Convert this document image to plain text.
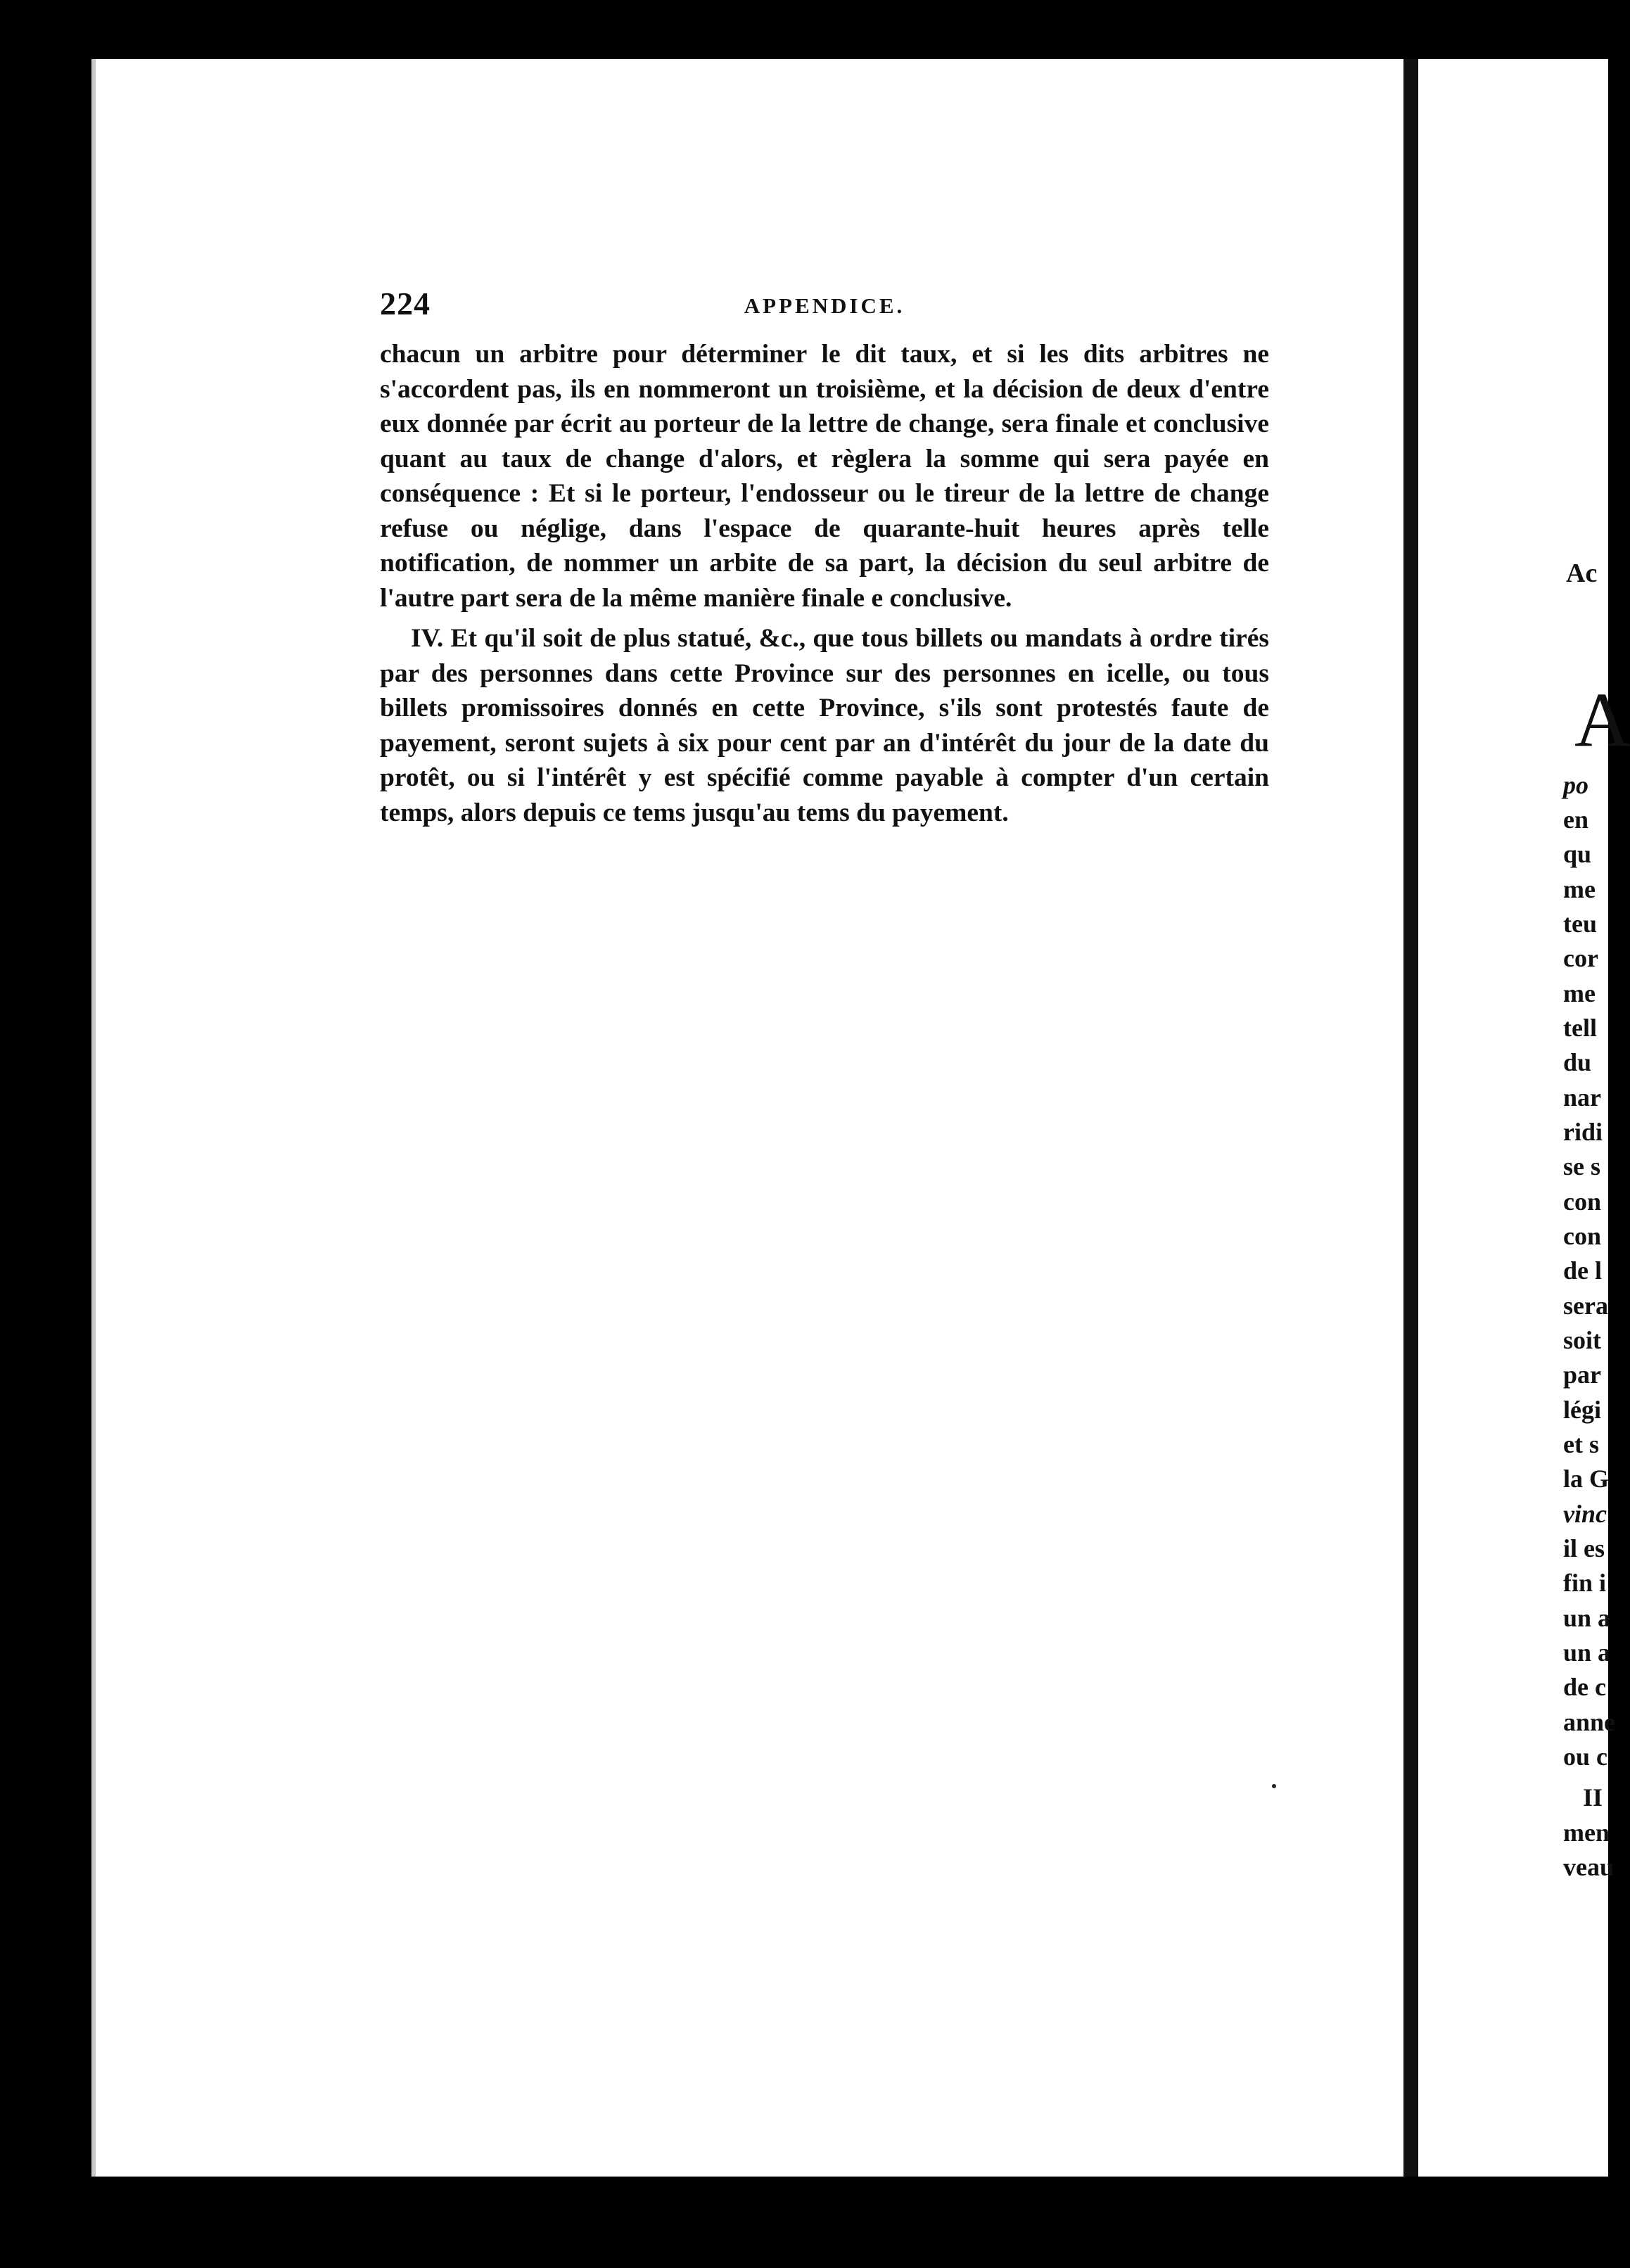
224	APPENDICE.

chacun un arbitre pour déterminer le dit taux, et si les dits arbitres ne s'accordent pas, ils en nommeront un troisième, et la décision de deux d'entre eux donnée par écrit au porteur de la lettre de change, sera finale et conclusive quant au taux de change d'alors, et règlera la somme qui sera payée en conséquence : Et si le porteur, l'endosseur ou le tireur de la lettre de change refuse ou néglige, dans l'espace de quarante-huit heures après telle notification, de nommer un arbite de sa part, la décision du seul arbitre de l'autre part sera de la même manière finale e conclusive.

IV. Et qu'il soit de plus statué, &c., que tous billets ou mandats à ordre tirés par des personnes dans cette Province sur des personnes en icelle, ou tous billets promissoires donnés en cette Province, s'ils sont protestés faute de payement, seront sujets à six pour cent par an d'intérêt du jour de la date du protêt, ou si l'intérêt y est spécifié comme payable à compter d'un certain temps, alors depuis ce tems jusqu'au tems du payement.

Ac
A
po
en
qu
me
teu
cor
me
tell
du
nar
ridi
se s
con
con
de l
sera
soit
par
légi
et s
la G
vinc
il es
fin i
un a
un a
de c
anne
ou c
II
men
veau
